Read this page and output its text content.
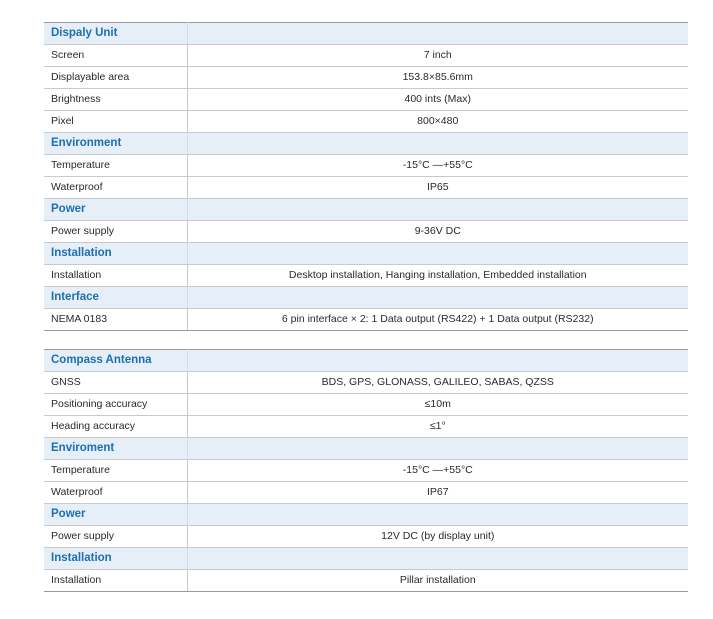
Dispaly Unit	
Screen	7 inch
Displayable area	153.8×85.6mm
Brightness	400 ints (Max)
Pixel	800×480
Environment	
Temperature	-15°C —+55°C
Waterproof	IP65
Power	
Power supply	9-36V DC
Installation	
Installation	Desktop installation, Hanging installation, Embedded installation
Interface	
NEMA 0183	6 pin interface × 2: 1 Data output (RS422) + 1 Data output (RS232)
Compass Antenna	
GNSS	BDS, GPS, GLONASS, GALILEO, SABAS, QZSS
Positioning accuracy	≤10m
Heading accuracy	≤1°
Enviroment	
Temperature	-15°C —+55°C
Waterproof	IP67
Power	
Power supply	12V DC (by display unit)
Installation	
Installation	Pillar installation
